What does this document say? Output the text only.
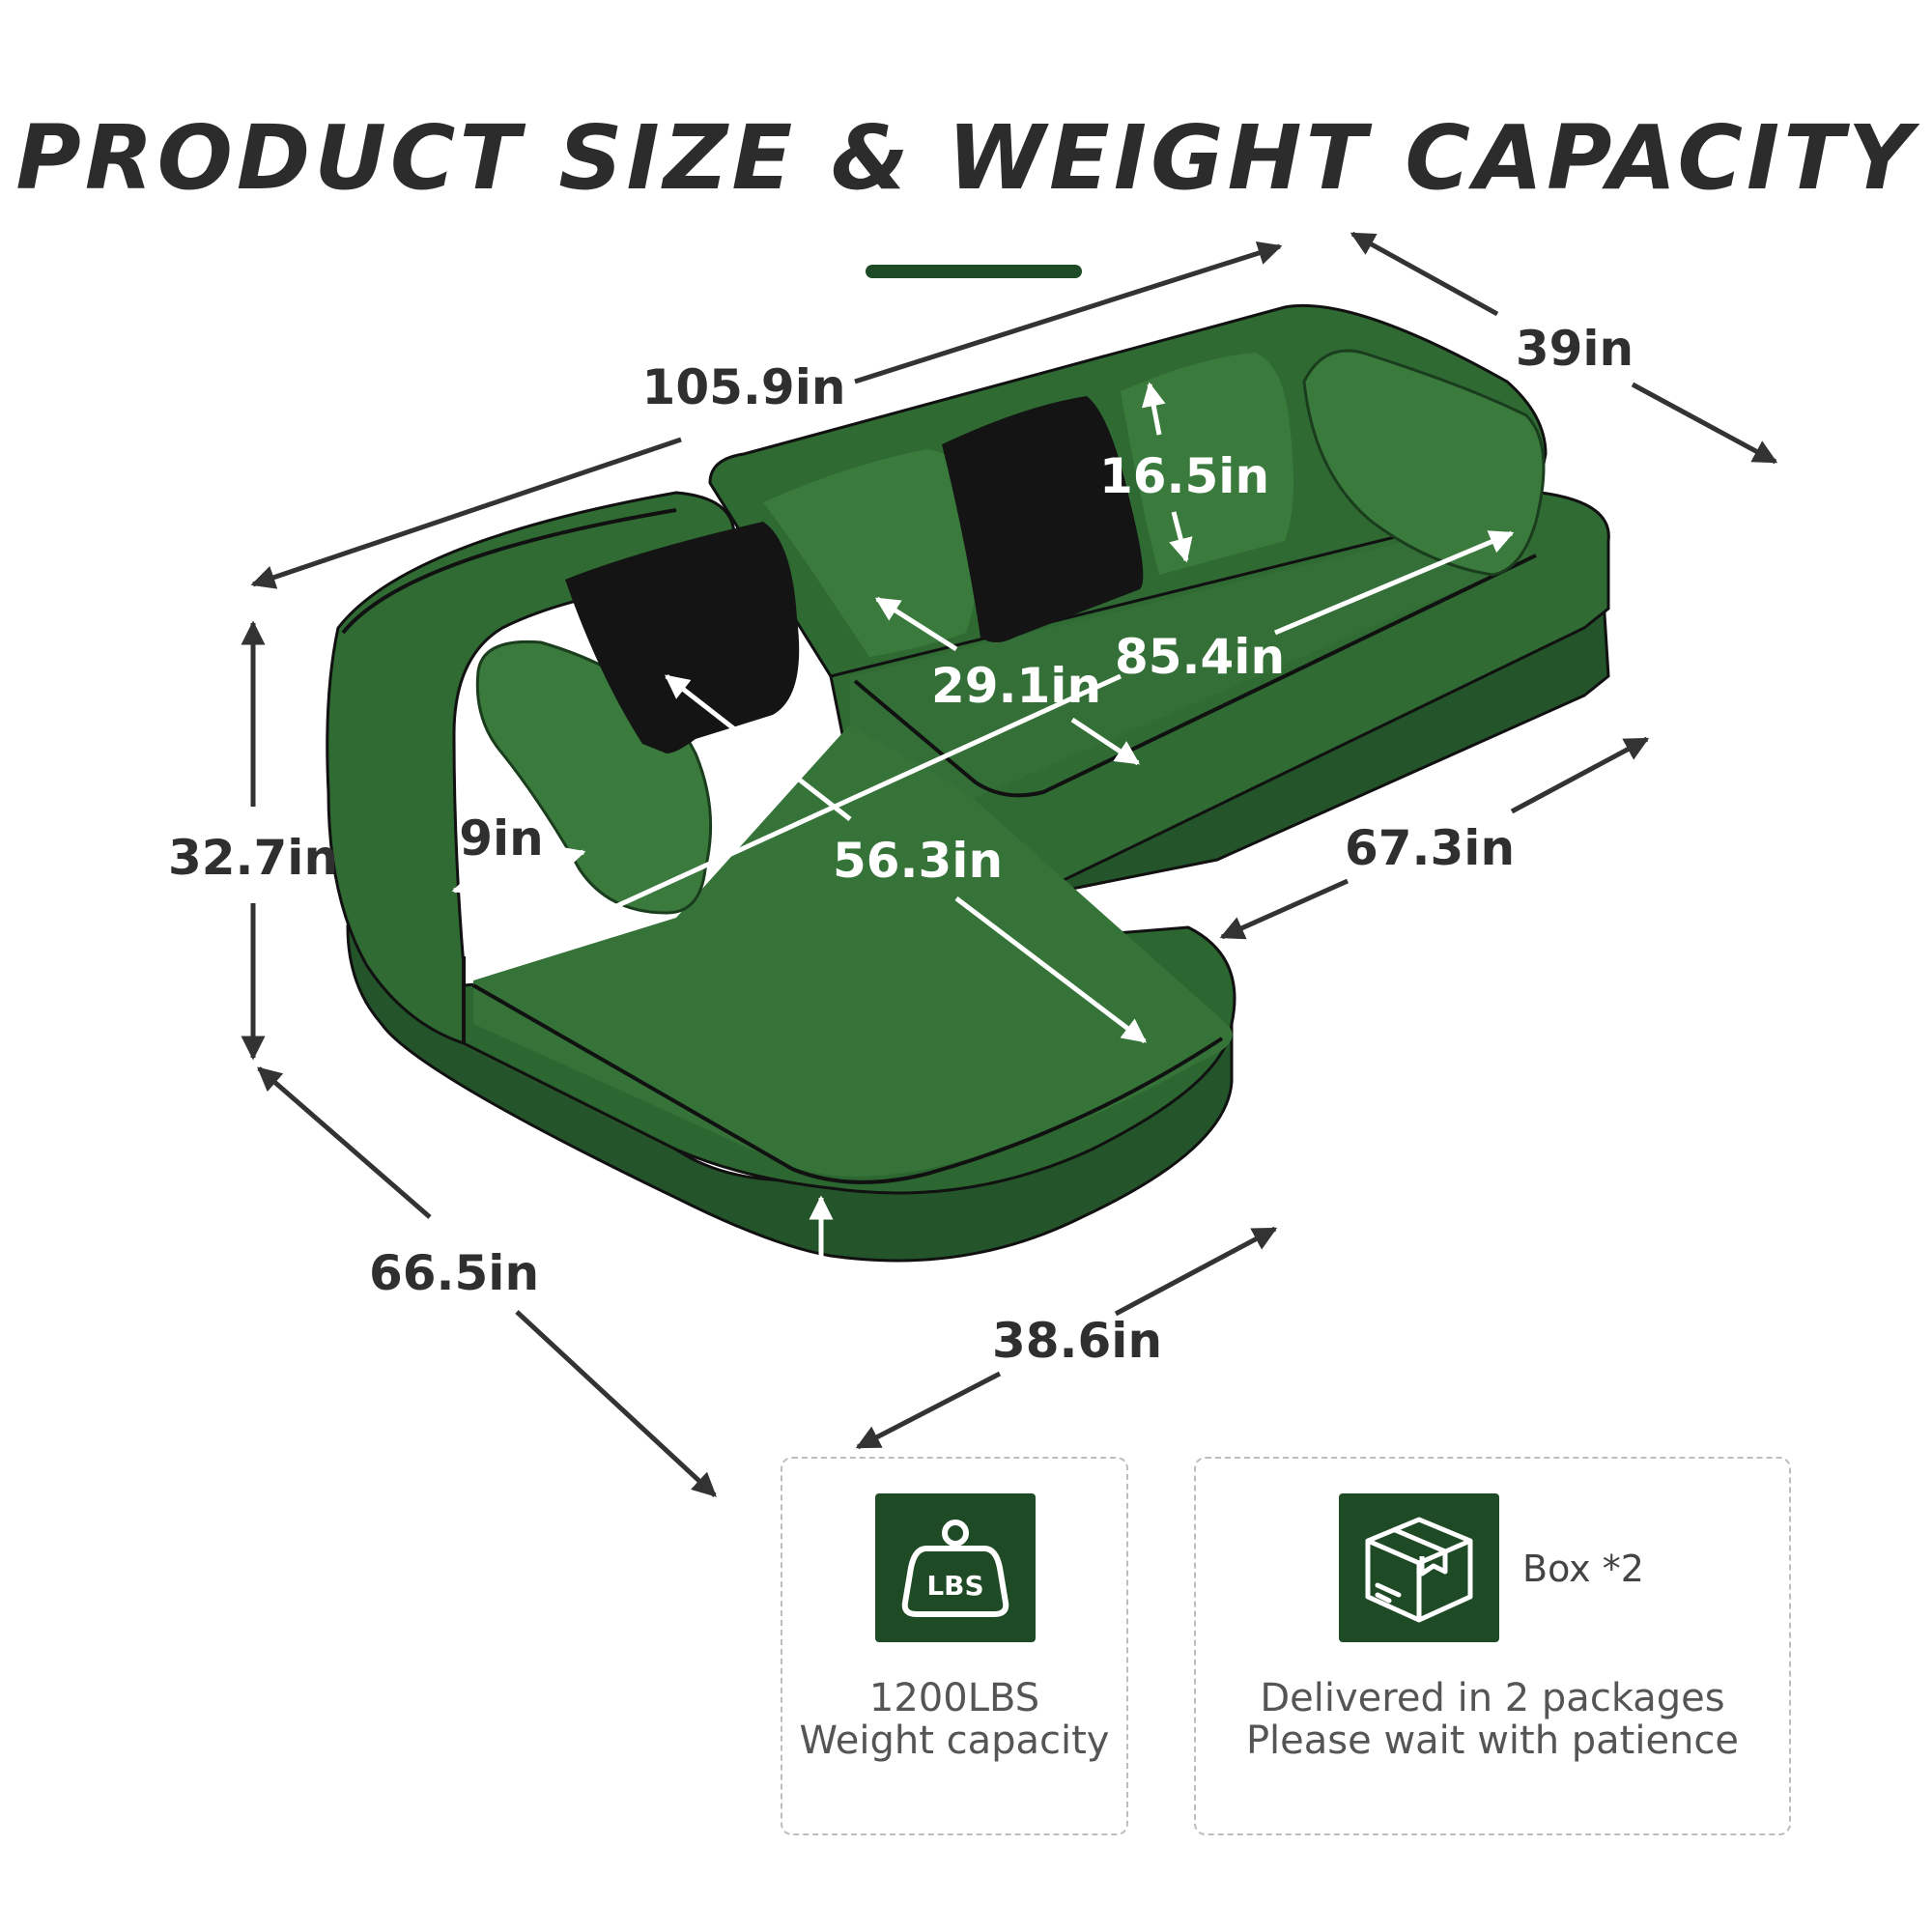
PRODUCT SIZE & WEIGHT CAPACITY
105.9in
39in
16.5in
85.4in
29.1in
56.3in
9in
32.7in	67.3in
66.5in	16.5in
38.6in
LBS
1200LBS
Weight capacity
Box *2
Delivered in 2 packages
Please wait with patience
